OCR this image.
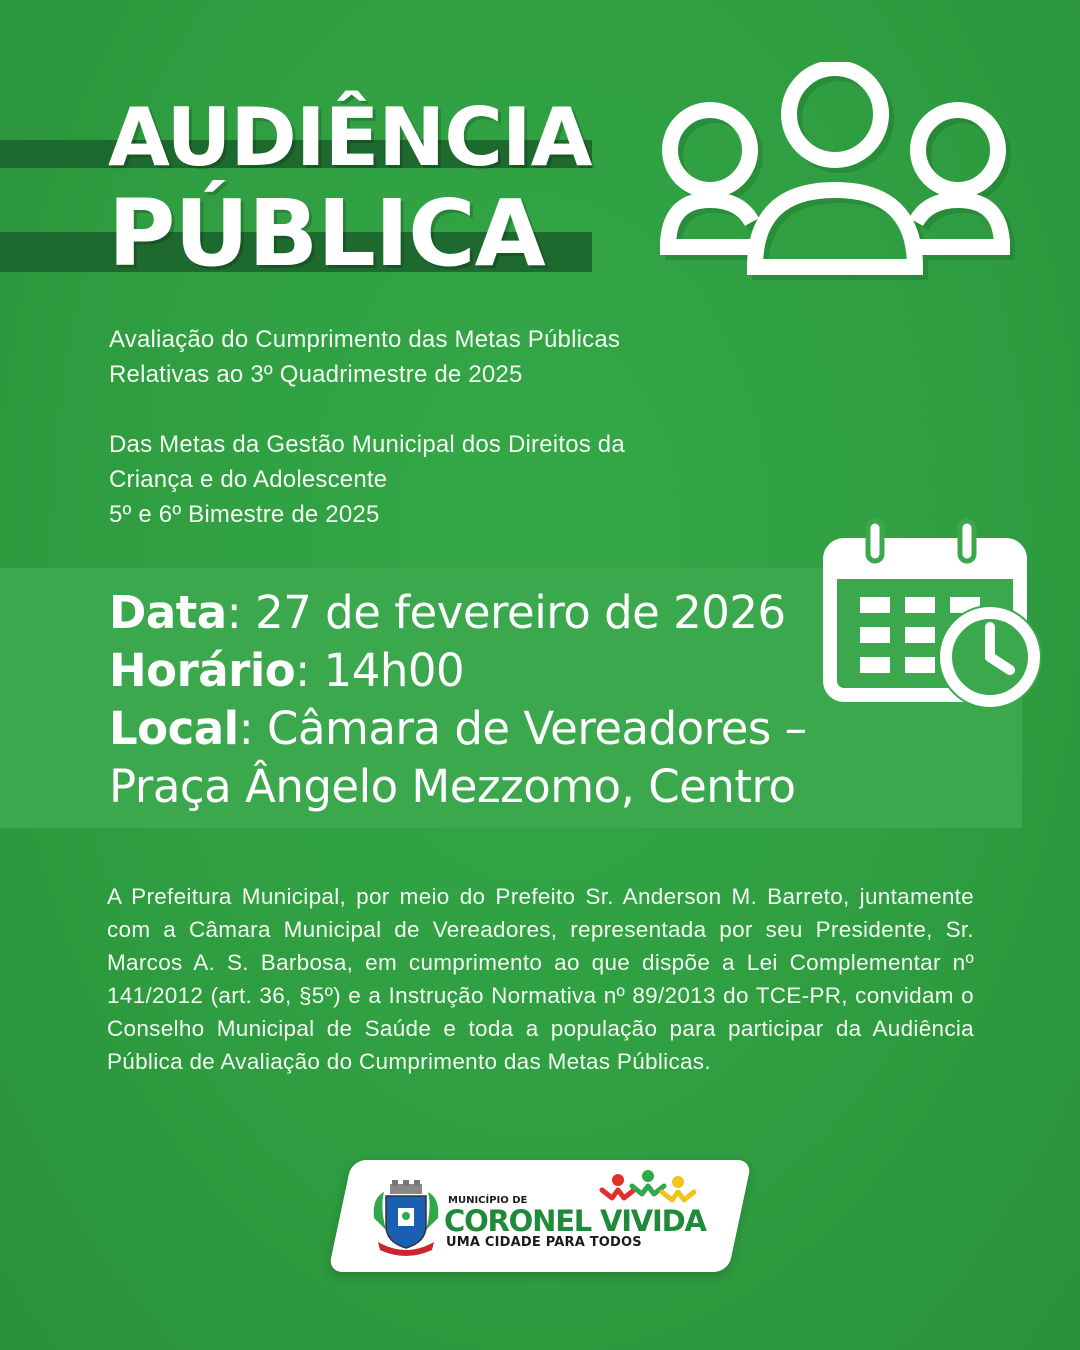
AUDIÊNCIA
PÚBLICA
Avaliação do Cumprimento das Metas Públicas
Relativas ao 3º Quadrimestre de 2025
Das Metas da Gestão Municipal dos Direitos da
Criança e do Adolescente
5º e 6º Bimestre de 2025
Data: 27 de fevereiro de 2026
Horário: 14h00
Local: Câmara de Vereadores –
Praça Ângelo Mezzomo, Centro
A Prefeitura Municipal, por meio do Prefeito Sr. Anderson M. Barreto, juntamente com a Câmara Municipal de Vereadores, representada por seu Presidente, Sr. Marcos A. S. Barbosa, em cumprimento ao que dispõe a Lei Complementar nº 141/2012 (art. 36, §5º) e a Instrução Normativa nº 89/2013 do TCE-PR, convidam o Conselho Municipal de Saúde e toda a população para participar da Audiência Pública de Avaliação do Cumprimento das Metas Públicas.
MUNICÍPIO DE
CORONEL VIVIDA
UMA CIDADE PARA TODOS
